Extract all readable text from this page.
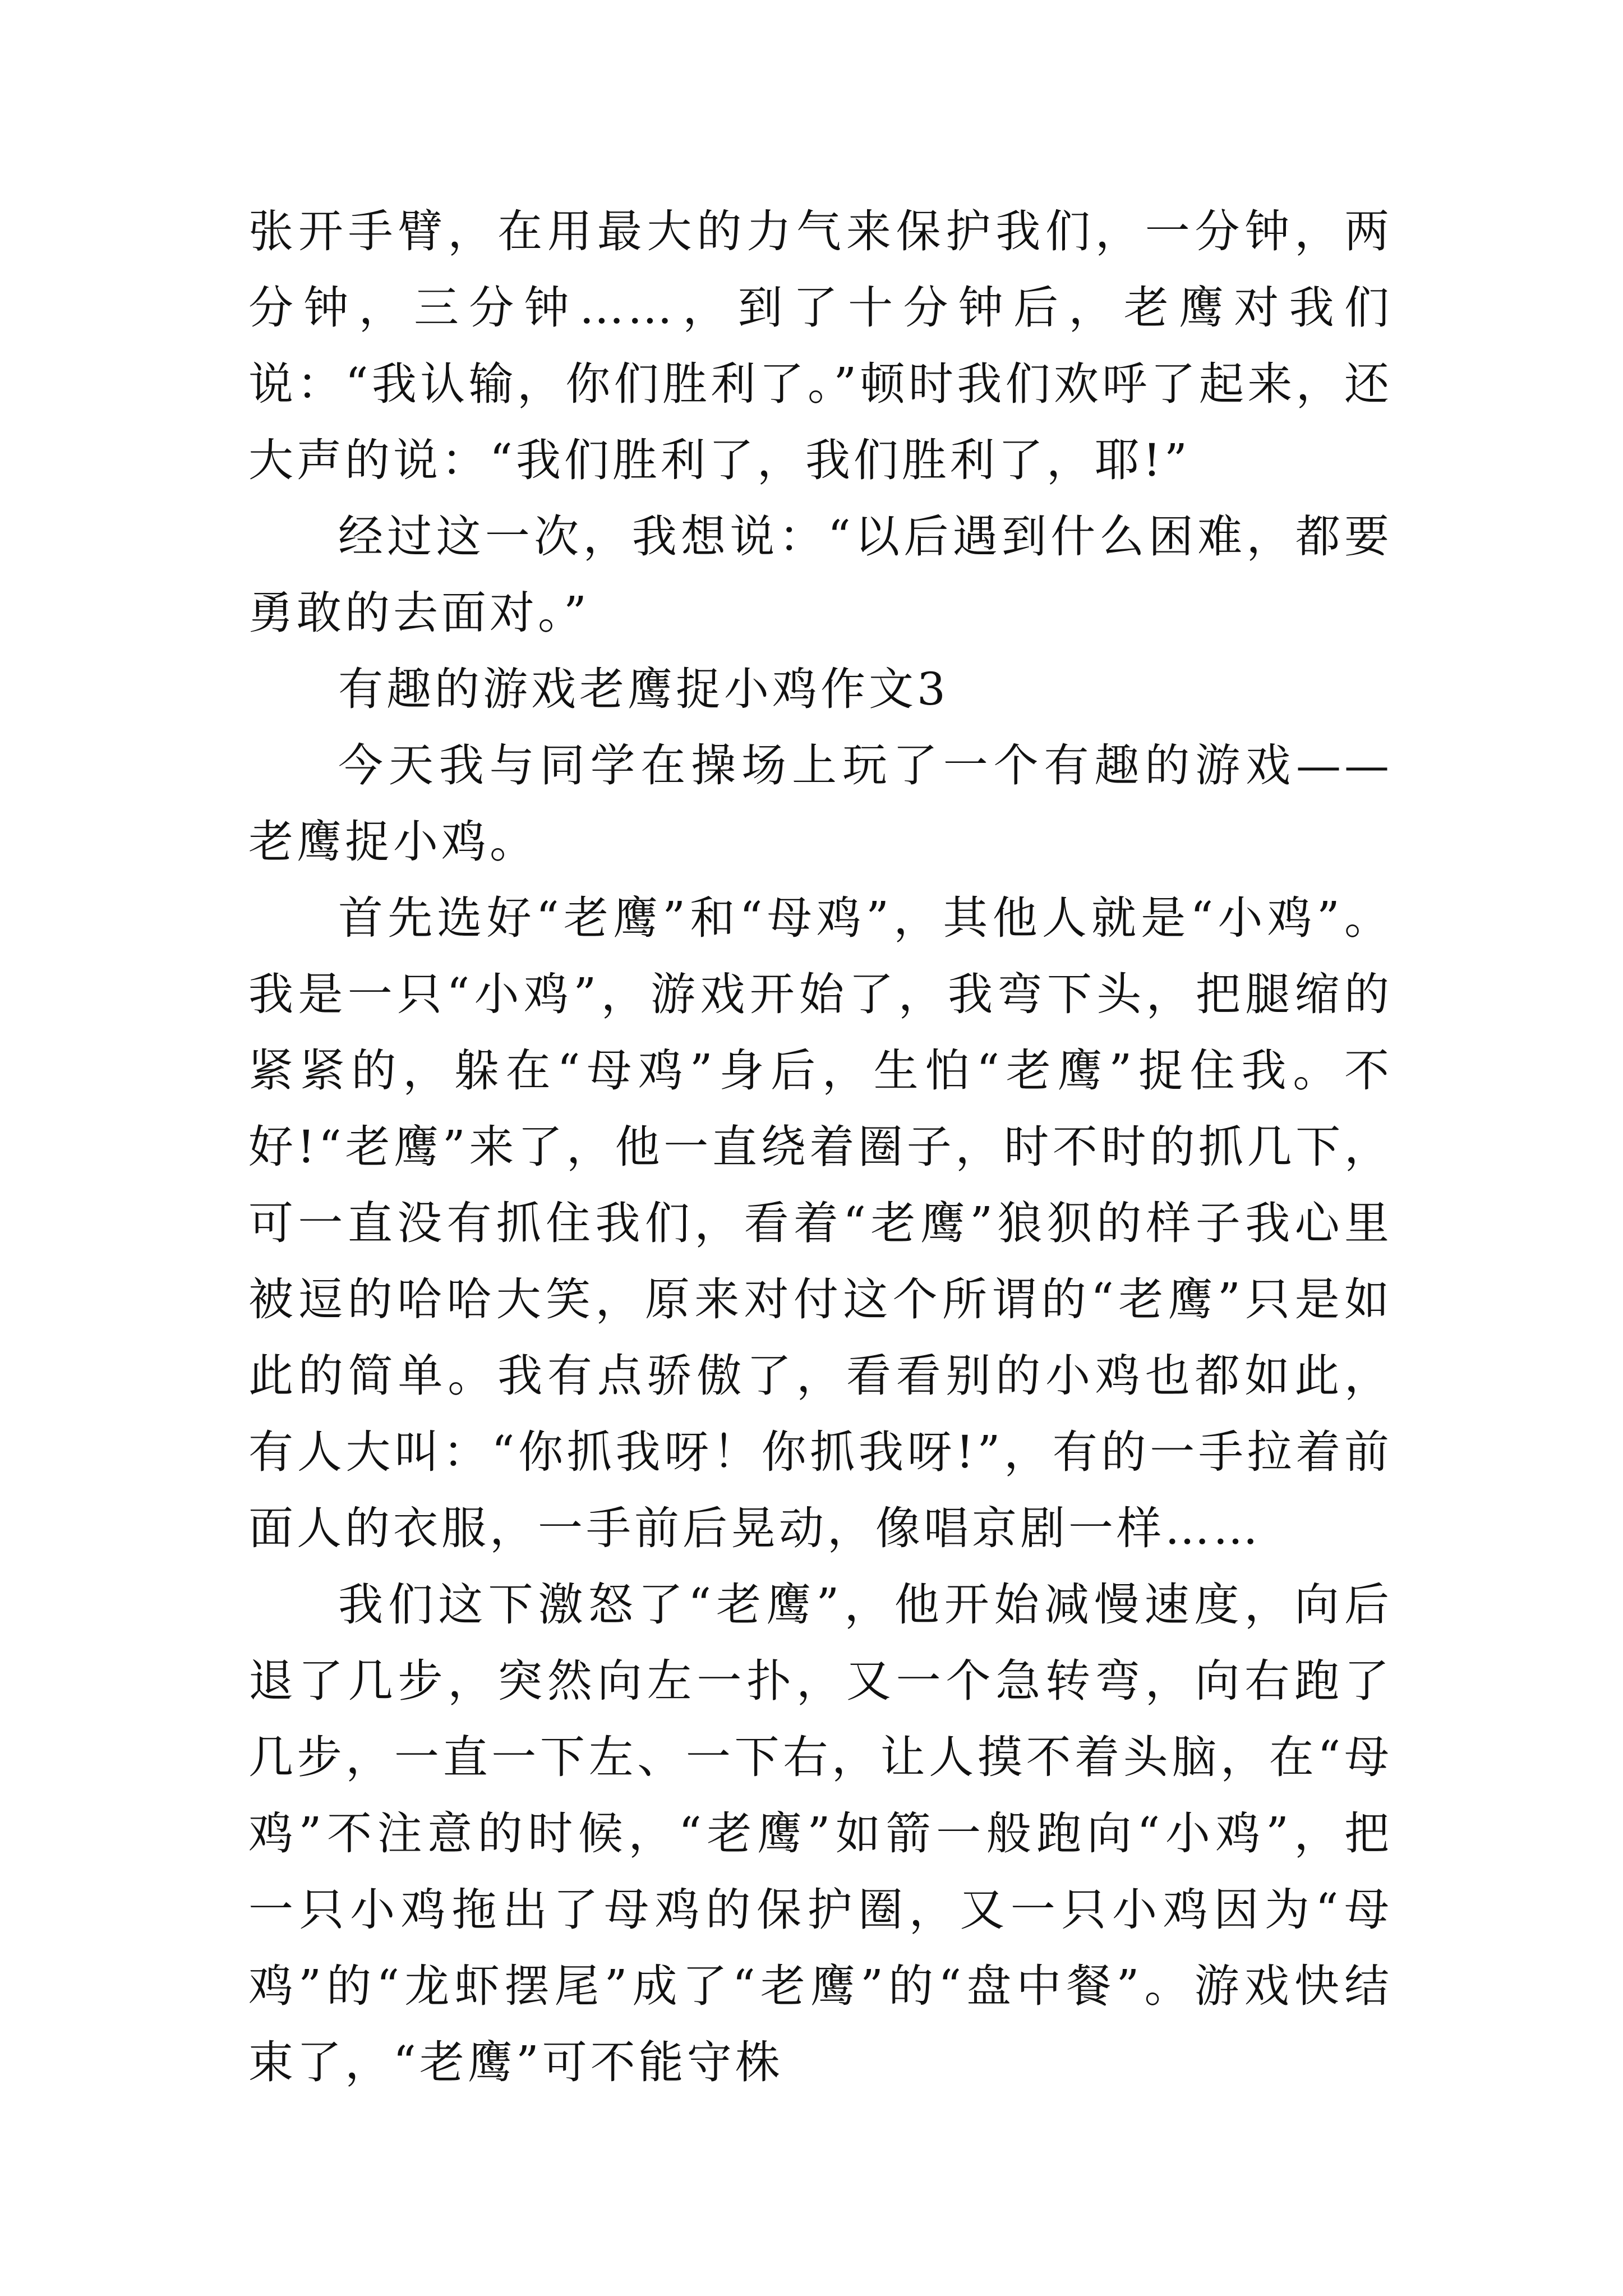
张开手臂，在用最大的力气来保护我们，一分钟，两分钟，三分钟……，到了十分钟后，老鹰对我们说：“我认输，你们胜利了。”顿时我们欢呼了起来，还大声的说：“我们胜利了，我们胜利了，耶!”

经过这一次，我想说：“以后遇到什么困难，都要勇敢的去面对。”

有趣的游戏老鹰捉小鸡作文3

今天我与同学在操场上玩了一个有趣的游戏——老鹰捉小鸡。

首先选好“老鹰”和“母鸡”，其他人就是“小鸡”。我是一只“小鸡”，游戏开始了，我弯下头，把腿缩的紧紧的，躲在“母鸡”身后，生怕“老鹰”捉住我。不好!“老鹰”来了，他一直绕着圈子，时不时的抓几下，可一直没有抓住我们，看着“老鹰”狼狈的样子我心里被逗的哈哈大笑，原来对付这个所谓的“老鹰”只是如此的简单。我有点骄傲了，看看别的小鸡也都如此，有人大叫：“你抓我呀！你抓我呀!”，有的一手拉着前面人的衣服，一手前后晃动，像唱京剧一样……

我们这下激怒了“老鹰”，他开始减慢速度，向后退了几步，突然向左一扑，又一个急转弯，向右跑了几步，一直一下左、一下右，让人摸不着头脑，在“母鸡”不注意的时候，“老鹰”如箭一般跑向“小鸡”，把一只小鸡拖出了母鸡的保护圈，又一只小鸡因为“母鸡”的“龙虾摆尾”成了“老鹰”的“盘中餐”。游戏快结束了，“老鹰”可不能守株
